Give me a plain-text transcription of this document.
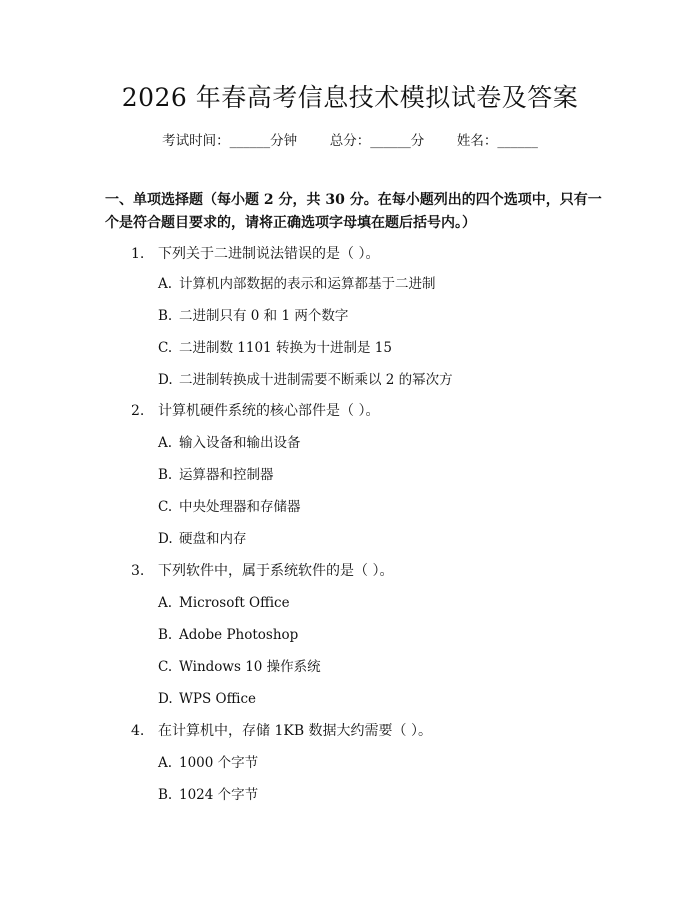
2026 年春高考信息技术模拟试卷及答案
考试时间：______分钟 总分：______分 姓名：______
一、单项选择题（每小题 2 分，共 30 分。在每小题列出的四个选项中，只有一个是符合题目要求的，请将正确选项字母填在题后括号内。）
1. 下列关于二进制说法错误的是（ ）。
A. 计算机内部数据的表示和运算都基于二进制
B. 二进制只有 0 和 1 两个数字
C. 二进制数 1101 转换为十进制是 15
D. 二进制转换成十进制需要不断乘以 2 的幂次方
2. 计算机硬件系统的核心部件是（ ）。
A. 输入设备和输出设备
B. 运算器和控制器
C. 中央处理器和存储器
D. 硬盘和内存
3. 下列软件中，属于系统软件的是（ ）。
A. Microsoft Office
B. Adobe Photoshop
C. Windows 10 操作系统
D. WPS Office
4. 在计算机中，存储 1KB 数据大约需要（ ）。
A. 1000 个字节
B. 1024 个字节
